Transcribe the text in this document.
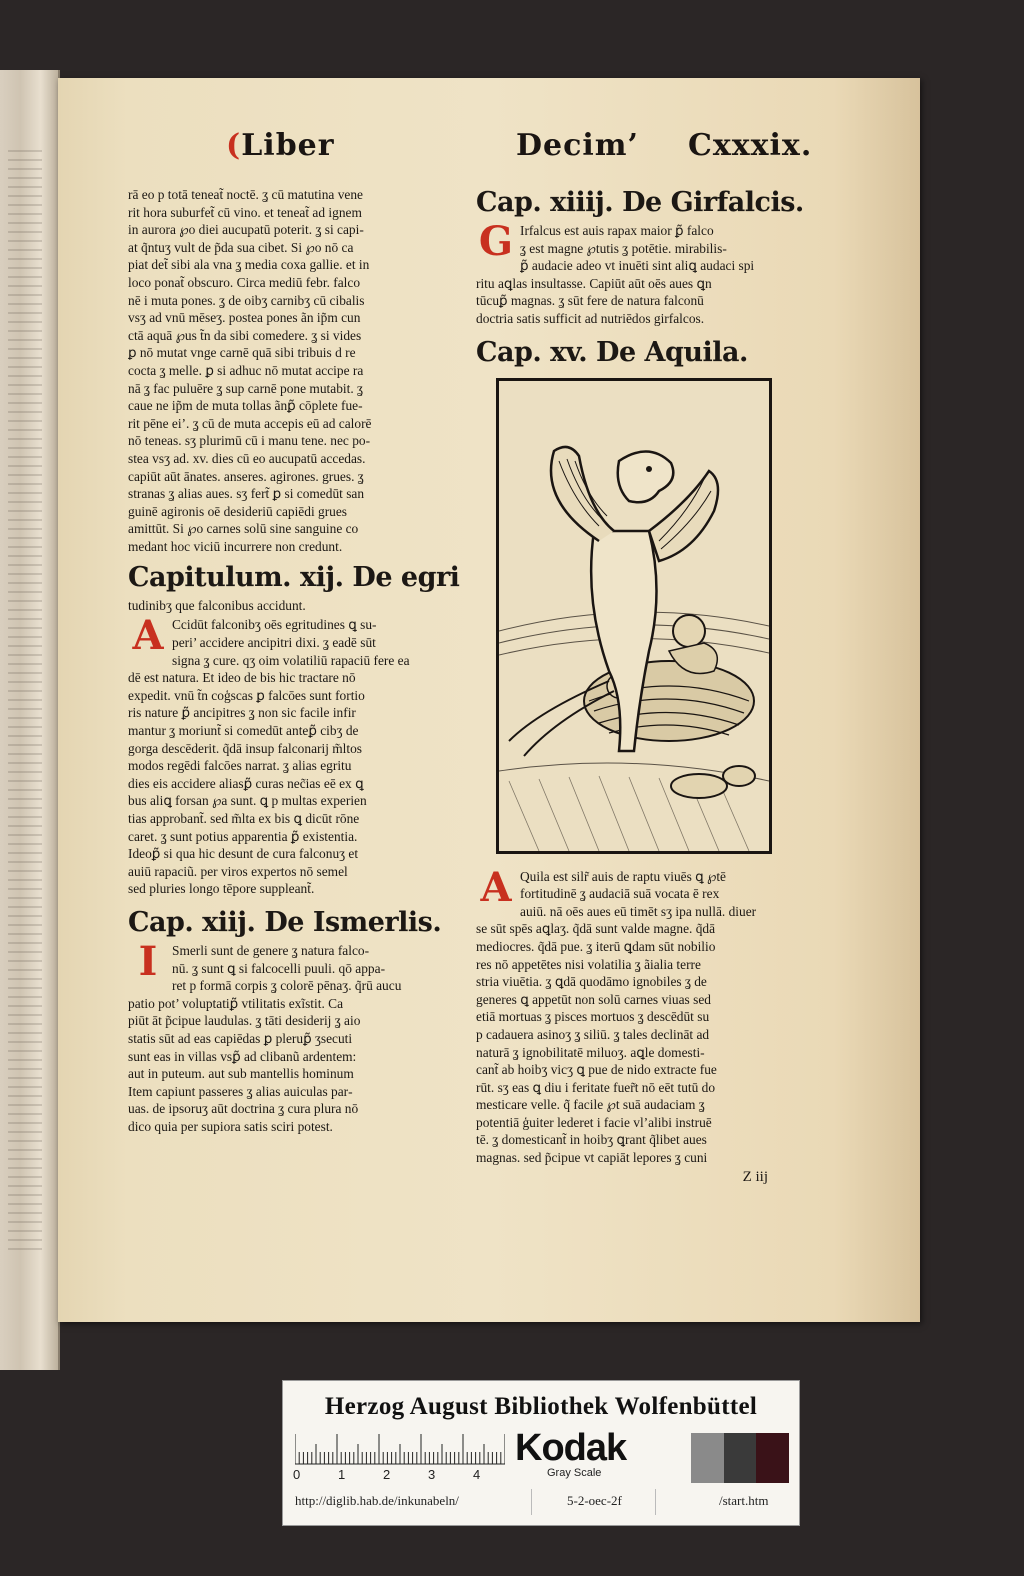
(Liber	Decim’ Cxxxix.
rā eo p totā teneat̃ noctē. ʓ cū matutina vene
rit hora suburfet̃ cū vino. et teneat̃ ad ignem
in aurora ℘o diei aucupatū poterit. ʓ si capi‐
at q̃ntuʒ vult de p̃da sua cibet. Si ℘o nō ca
piat det̃ sibi ala vna ʓ media coxa gallie. et in
loco ponat̃ obscuro. Circa mediū febr. falco
nē i muta pones. ʓ de oibʒ carnibʒ cū cibalis
vsʒ ad vnū mēseʒ. postea pones ãn ip̃m cun
ctā aquā ℘us t̃n da sibi comedere. ʓ si vides
ꝑ nō mutat vnge carnē quā sibi tribuis d re
cocta ʓ melle. ꝑ si adhuc nō mutat accipe ra
nā ʓ fac puluēre ʓ sup carnē pone mutabit. ʓ
caue ne ip̃m de muta tollas ãnꝑ̃ cōplete fue‐
rit pēne ei’. ʓ cū de muta accepis eū ad calorē
nō teneas. sʒ plurimū cū i manu tene. nec po‐
stea vsʒ ad. xv. dies cū eo aucupatū accedas.
capiūt aūt ānates. anseres. agirones. grues. ʓ
stranas ʓ alias aues. sʒ fert̃ ꝑ si comedūt san
guinē agironis oē desideriū capiēdi grues
amittūt. Si ℘o carnes solū sine sanguine co
medant hoc viciū incurrere non credunt.
Capitulum. xij. De egri
tudinibʒ que falconibus accidunt.
A Ccidūt falconibʒ oēs egritudines ꝗ su‐
peri’ accidere ancipitri dixi. ʓ eadē sūt
signa ʓ cure. qʒ oim volatiliū rapaciū fere ea
dē est natura. Et ideo de bis hic tractare nō
expedit. vnū t̃n coģscas ꝑ falcōes sunt fortio
ris nature ꝑ̃ ancipitres ʓ non sic facile infir
mantur ʓ moriunt̃ si comedūt anteꝑ̃ cibʒ de
gorga descēderit. q̃dā insup falconarij m̃ltos
modos regēdi falcōes narrat. ʓ alias egritu
dies eis accidere aliasꝑ̃ curas nec̃ias eē ex ꝗ
bus aliꝗ forsan ℘a sunt. ꝗ p multas experien
tias approbant̃. sed m̃lta ex bis ꝗ dicūt rōne
caret. ʓ sunt potius apparentia ꝑ̃ existentia.
Ideoꝑ̃ si qua hic desunt de cura falconuʒ et
auiū rapaciũ. per viros expertos nō semel
sed pluries longo tēpore suppleant̃.
Cap. xiij. De Ismerlis.
I	Smerli sunt de genere ʓ natura falco‐
nū. ʓ sunt ꝗ si falcocelli puuli. qō appa‐
ret p formā corpis ʓ colorē pēnaʒ. q̃rū aucu
patio pot’ voluptatiꝑ̃ vtilitatis exĩstit. Ca
piūt āt p̃cipue laudulas. ʓ tāti desiderij ʓ aio
statis sūt ad eas capiēdas ꝑ pleruꝑ̃ ʒsecuti
sunt eas in villas vsꝑ̃ ad clibanũ ardentem:
aut in puteum. aut sub mantellis hominum
Item capiunt passeres ʓ alias auiculas par‐
uas. de ipsoruʒ aūt doctrina ʓ cura plura nō
dico quia per supiora satis sciri potest.
Cap. xiiij. De Girfalcis.
G Irfalcus est auis rapax maior ꝑ̃ falco
ʓ est magne ℘tutis ʓ potētie. mirabilis‐
ꝑ̃ audacie adeo vt inuēti sint aliꝗ audaci spi
ritu aꝗlas insultasse. Capiūt aūt oēs aues ꝗn
tūcuꝑ̃ magnas. ʓ sūt fere de natura falconū
doctria satis sufficit ad nutriēdos girfalcos.
Cap. xv. De Aquila.
A Quila est silr̃ auis de raptu viuēs ꝗ ℘tē
fortitudinē ʓ audaciā suā vocata ē rex
auiū. nā oēs aues eū timēt sʒ ipa nullā. diuer
se sūt spēs aꝗlaʒ. q̃dā sunt valde magne. q̃dā
mediocres. q̃dā pue. ʓ iterū ꝗdam sūt nobilio
res nō appetētes nisi volatilia ʓ ãialia terre
stria viuētia. ʓ ꝗdā quodāmo ignobiles ʓ de
generes ꝗ appetūt non solū carnes viuas sed
etiā mortuas ʓ pisces mortuos ʓ descēdūt su
p cadauera asinoʒ ʓ siliū. ʓ tales declināt ad
naturā ʓ ignobilitatē miluoʒ. aꝗle domesti‐
cant̃ ab hoibʒ vicʒ ꝗ pue de nido extracte fue
rūt. sʒ eas ꝗ diu i feritate fuer̃t nō eēt tutū do
mesticare velle. q̃̃ facile ℘t suā audaciam ʓ
potentiā ģuiter lederet i facie vl’alibi instruē
tē. ʓ domesticant̃ in hoibʒ ꝗrant q̃libet aues
magnas. sed p̃cipue vt capiāt lepores ʓ cuni
Z iij
Herzog August Bibliothek Wolfenbüttel
0	1	2	3	4
Kodak
Gray Scale
http://diglib.hab.de/inkunabeln/	5-2-oec-2f	/start.htm
